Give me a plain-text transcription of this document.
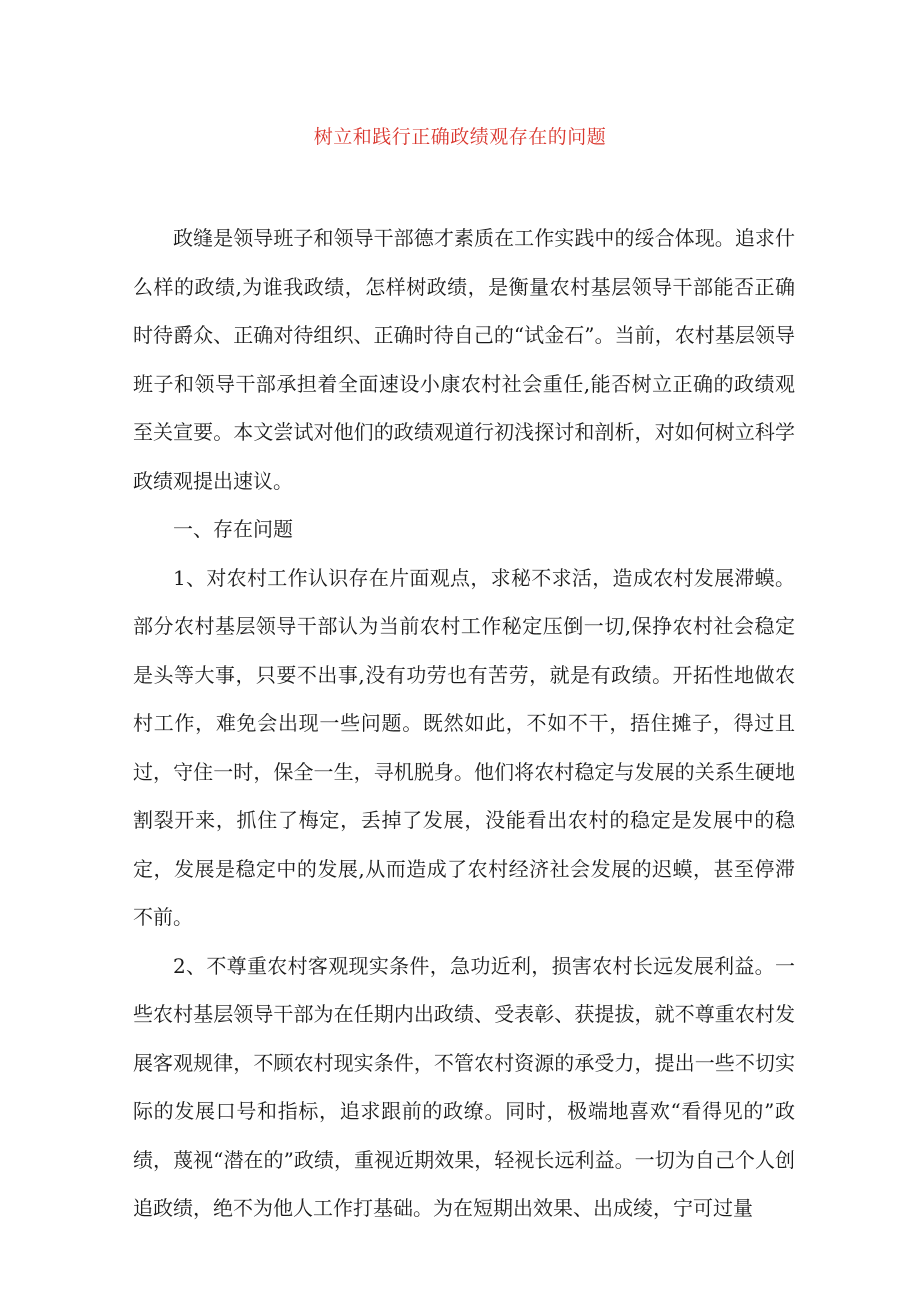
树立和践行正确政绩观存在的问题

政缝是领导班子和领导干部德才素质在工作实践中的绥合体现。追求什么样的政绩,为谁我政绩，怎样树政绩，是衡量农村基层领导干部能否正确时待爵众、正确对待组织、正确时待自己的“试金石”。当前，农村基层领导班子和领导干部承担着全面速设小康农村社会重任,能否树立正确的政绩观至关宣要。本文尝试对他们的政绩观道行初浅探讨和剖析，对如何树立科学政绩观提出速议。

一、存在问题

1、对农村工作认识存在片面观点，求秘不求活，造成农村发展滞蟆。部分农村基层领导干部认为当前农村工作秘定压倒一切,保挣农村社会稳定是头等大事，只要不出事,没有功劳也有苦劳，就是有政绩。开拓性地做农村工作，难免会出现一些问题。既然如此，不如不干，捂住摊子，得过且过，守住一时，保全一生，寻机脱身。他们将农村稳定与发展的关系生硬地割裂开来，抓住了梅定，丢掉了发展，没能看出农村的稳定是发展中的稳定，发展是稳定中的发展,从而造成了农村经济社会发展的迟蟆，甚至停滞不前。

2、不尊重农村客观现实条件，急功近利，损害农村长远发展利益。一些农村基层领导干部为在任期内出政绩、受表彰、获提拔，就不尊重农村发展客观规律，不顾农村现实条件，不管农村资源的承受力，提出一些不切实际的发展口号和指标，追求跟前的政缭。同时，极端地喜欢“看得见的”政绩，蔑视“潜在的”政绩，重视近期效果，轻视长远利益。一切为自己个人创追政绩，绝不为他人工作打基础。为在短期出效果、出成绫，宁可过量
